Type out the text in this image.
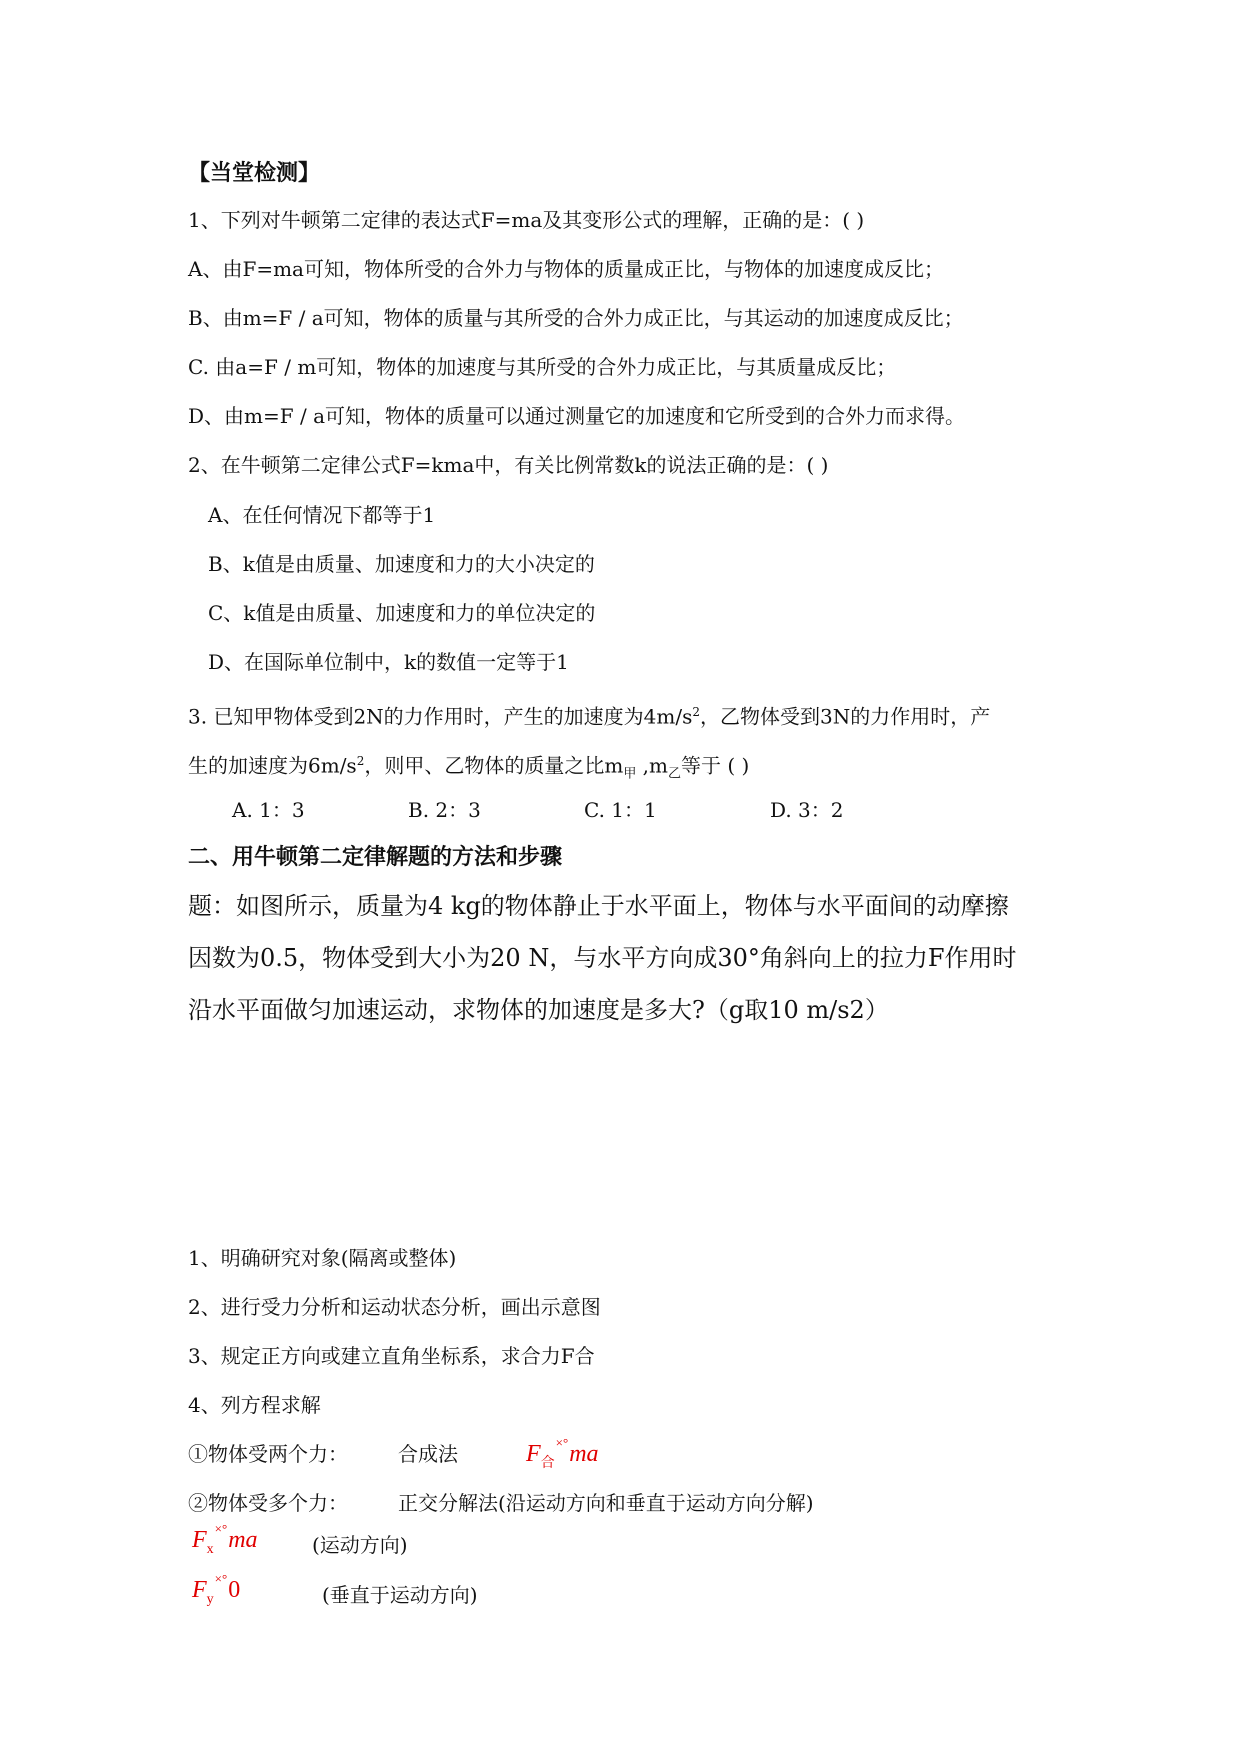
【当堂检测】
1、下列对牛顿第二定律的表达式F=ma及其变形公式的理解，正确的是：( )
A、由F=ma可知，物体所受的合外力与物体的质量成正比，与物体的加速度成反比；
B、由m=F / a可知，物体的质量与其所受的合外力成正比，与其运动的加速度成反比；
C. 由a=F / m可知，物体的加速度与其所受的合外力成正比，与其质量成反比；
D、由m=F / a可知，物体的质量可以通过测量它的加速度和它所受到的合外力而求得。
2、在牛顿第二定律公式F=kma中，有关比例常数k的说法正确的是：( )
A、在任何情况下都等于1
B、k值是由质量、加速度和力的大小决定的
C、k值是由质量、加速度和力的单位决定的
D、在国际单位制中，k的数值一定等于1
3. 已知甲物体受到2N的力作用时，产生的加速度为$4m/s^2$，乙物体受到3N的力作用时，产
生的加速度为$6m/s^2$，则甲、乙物体的质量之比$m_甲$ $,m_乙$等于 ( )
A. 1：3	B. 2：3	C. 1：1	D. 3：2
二、用牛顿第二定律解题的方法和步骤
题：如图所示，质量为4 kg的物体静止于水平面上，物体与水平面间的动摩擦
因数为0.5，物体受到大小为20 N，与水平方向成30°角斜向上的拉力F作用时
沿水平面做匀加速运动，求物体的加速度是多大?（g取10 m/s2）
1、明确研究对象(隔离或整体)
2、进行受力分析和运动状态分析，画出示意图
3、规定正方向或建立直角坐标系，求合力F合
4、列方程求解
①物体受两个力：	合成法	$F_合^{\times^\circ}ma$
②物体受多个力：	正交分解法(沿运动方向和垂直于运动方向分解)
$F_x^{\times^\circ}ma$	(运动方向)
$F_y^{\times^\circ}0$	(垂直于运动方向)
